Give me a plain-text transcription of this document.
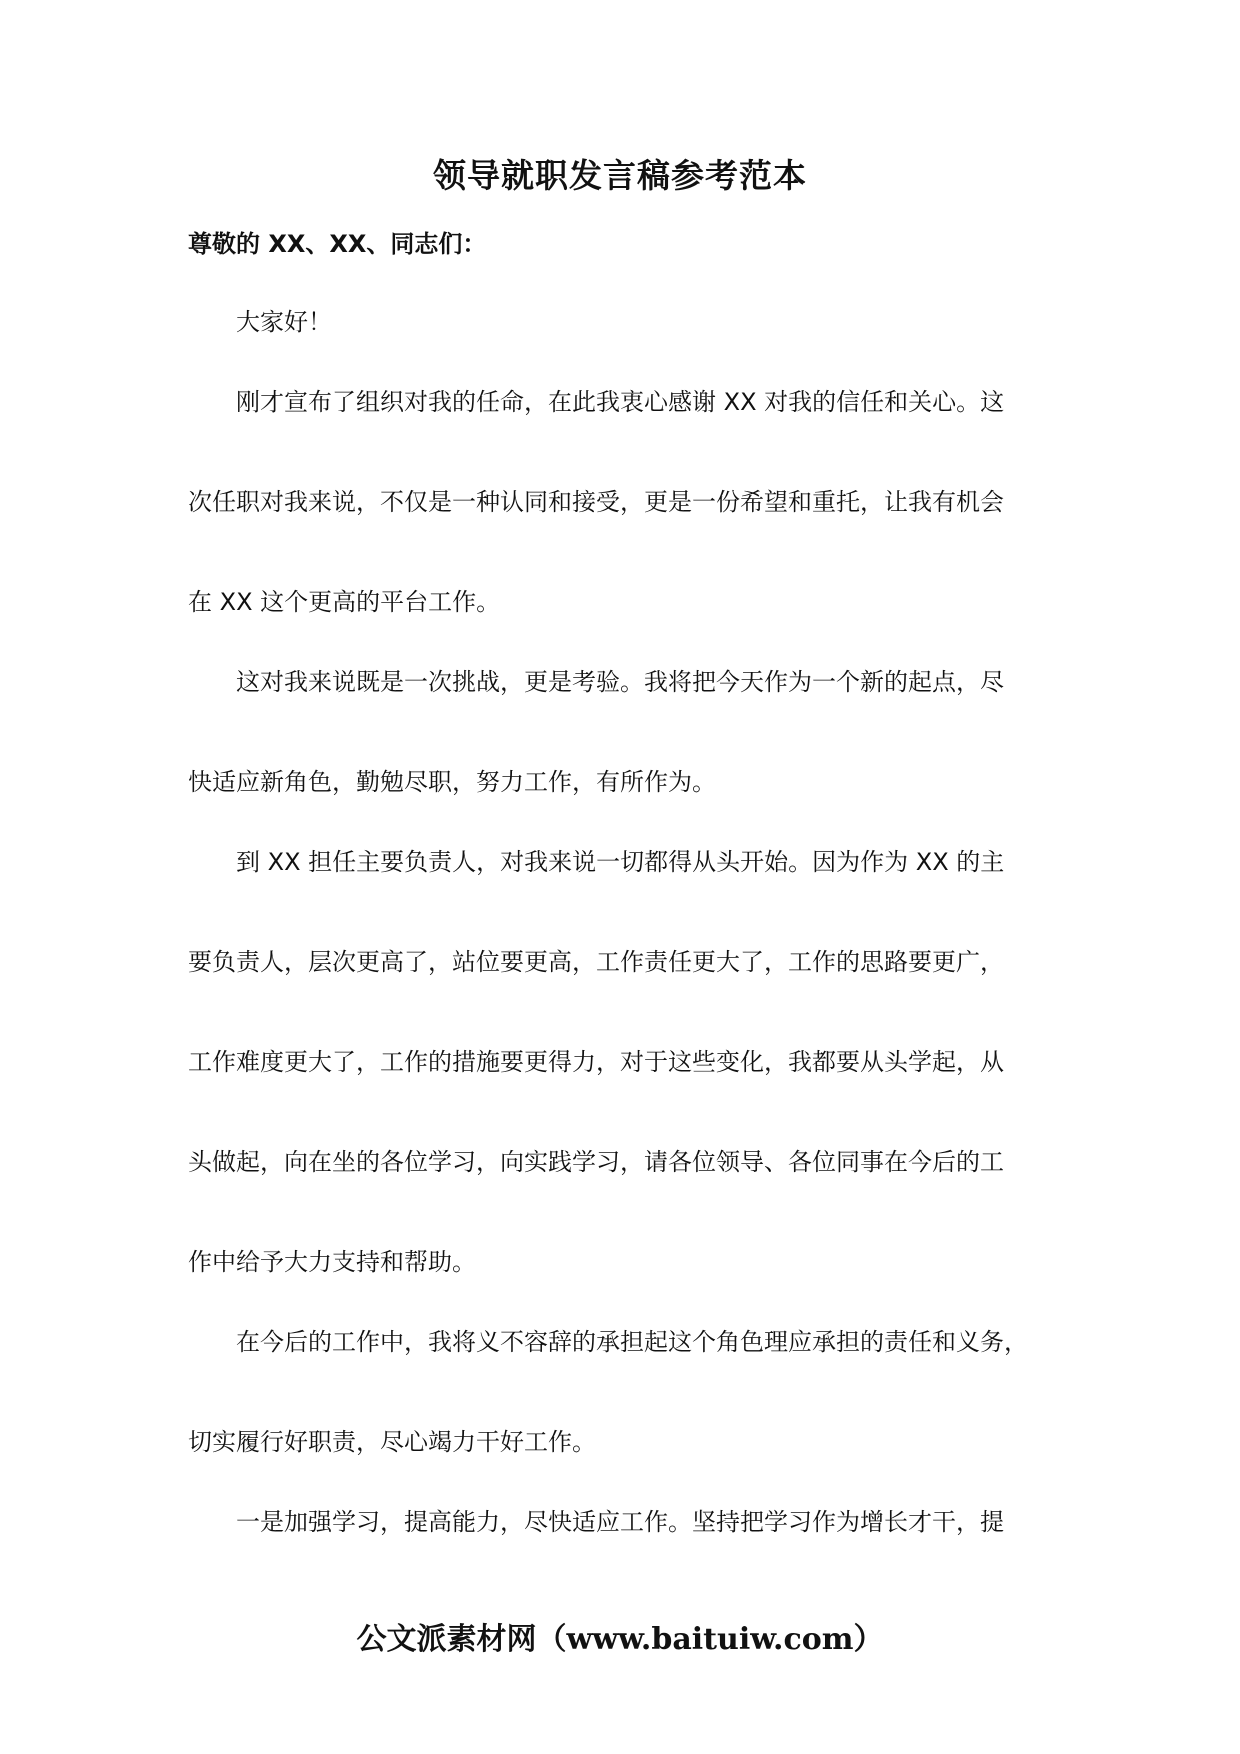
领导就职发言稿参考范本
尊敬的 XX、XX、同志们：
大家好！
刚才宣布了组织对我的任命，在此我衷心感谢 XX 对我的信任和关心。这
次任职对我来说，不仅是一种认同和接受，更是一份希望和重托，让我有机会
在 XX 这个更高的平台工作。
这对我来说既是一次挑战，更是考验。我将把今天作为一个新的起点，尽
快适应新角色，勤勉尽职，努力工作，有所作为。
到 XX 担任主要负责人，对我来说一切都得从头开始。因为作为 XX 的主
要负责人，层次更高了，站位要更高，工作责任更大了，工作的思路要更广，
工作难度更大了，工作的措施要更得力，对于这些变化，我都要从头学起，从
头做起，向在坐的各位学习，向实践学习，请各位领导、各位同事在今后的工
作中给予大力支持和帮助。
在今后的工作中，我将义不容辞的承担起这个角色理应承担的责任和义务，
切实履行好职责，尽心竭力干好工作。
一是加强学习，提高能力，尽快适应工作。坚持把学习作为增长才干，提
公文派素材网（www.baituiw.com）
